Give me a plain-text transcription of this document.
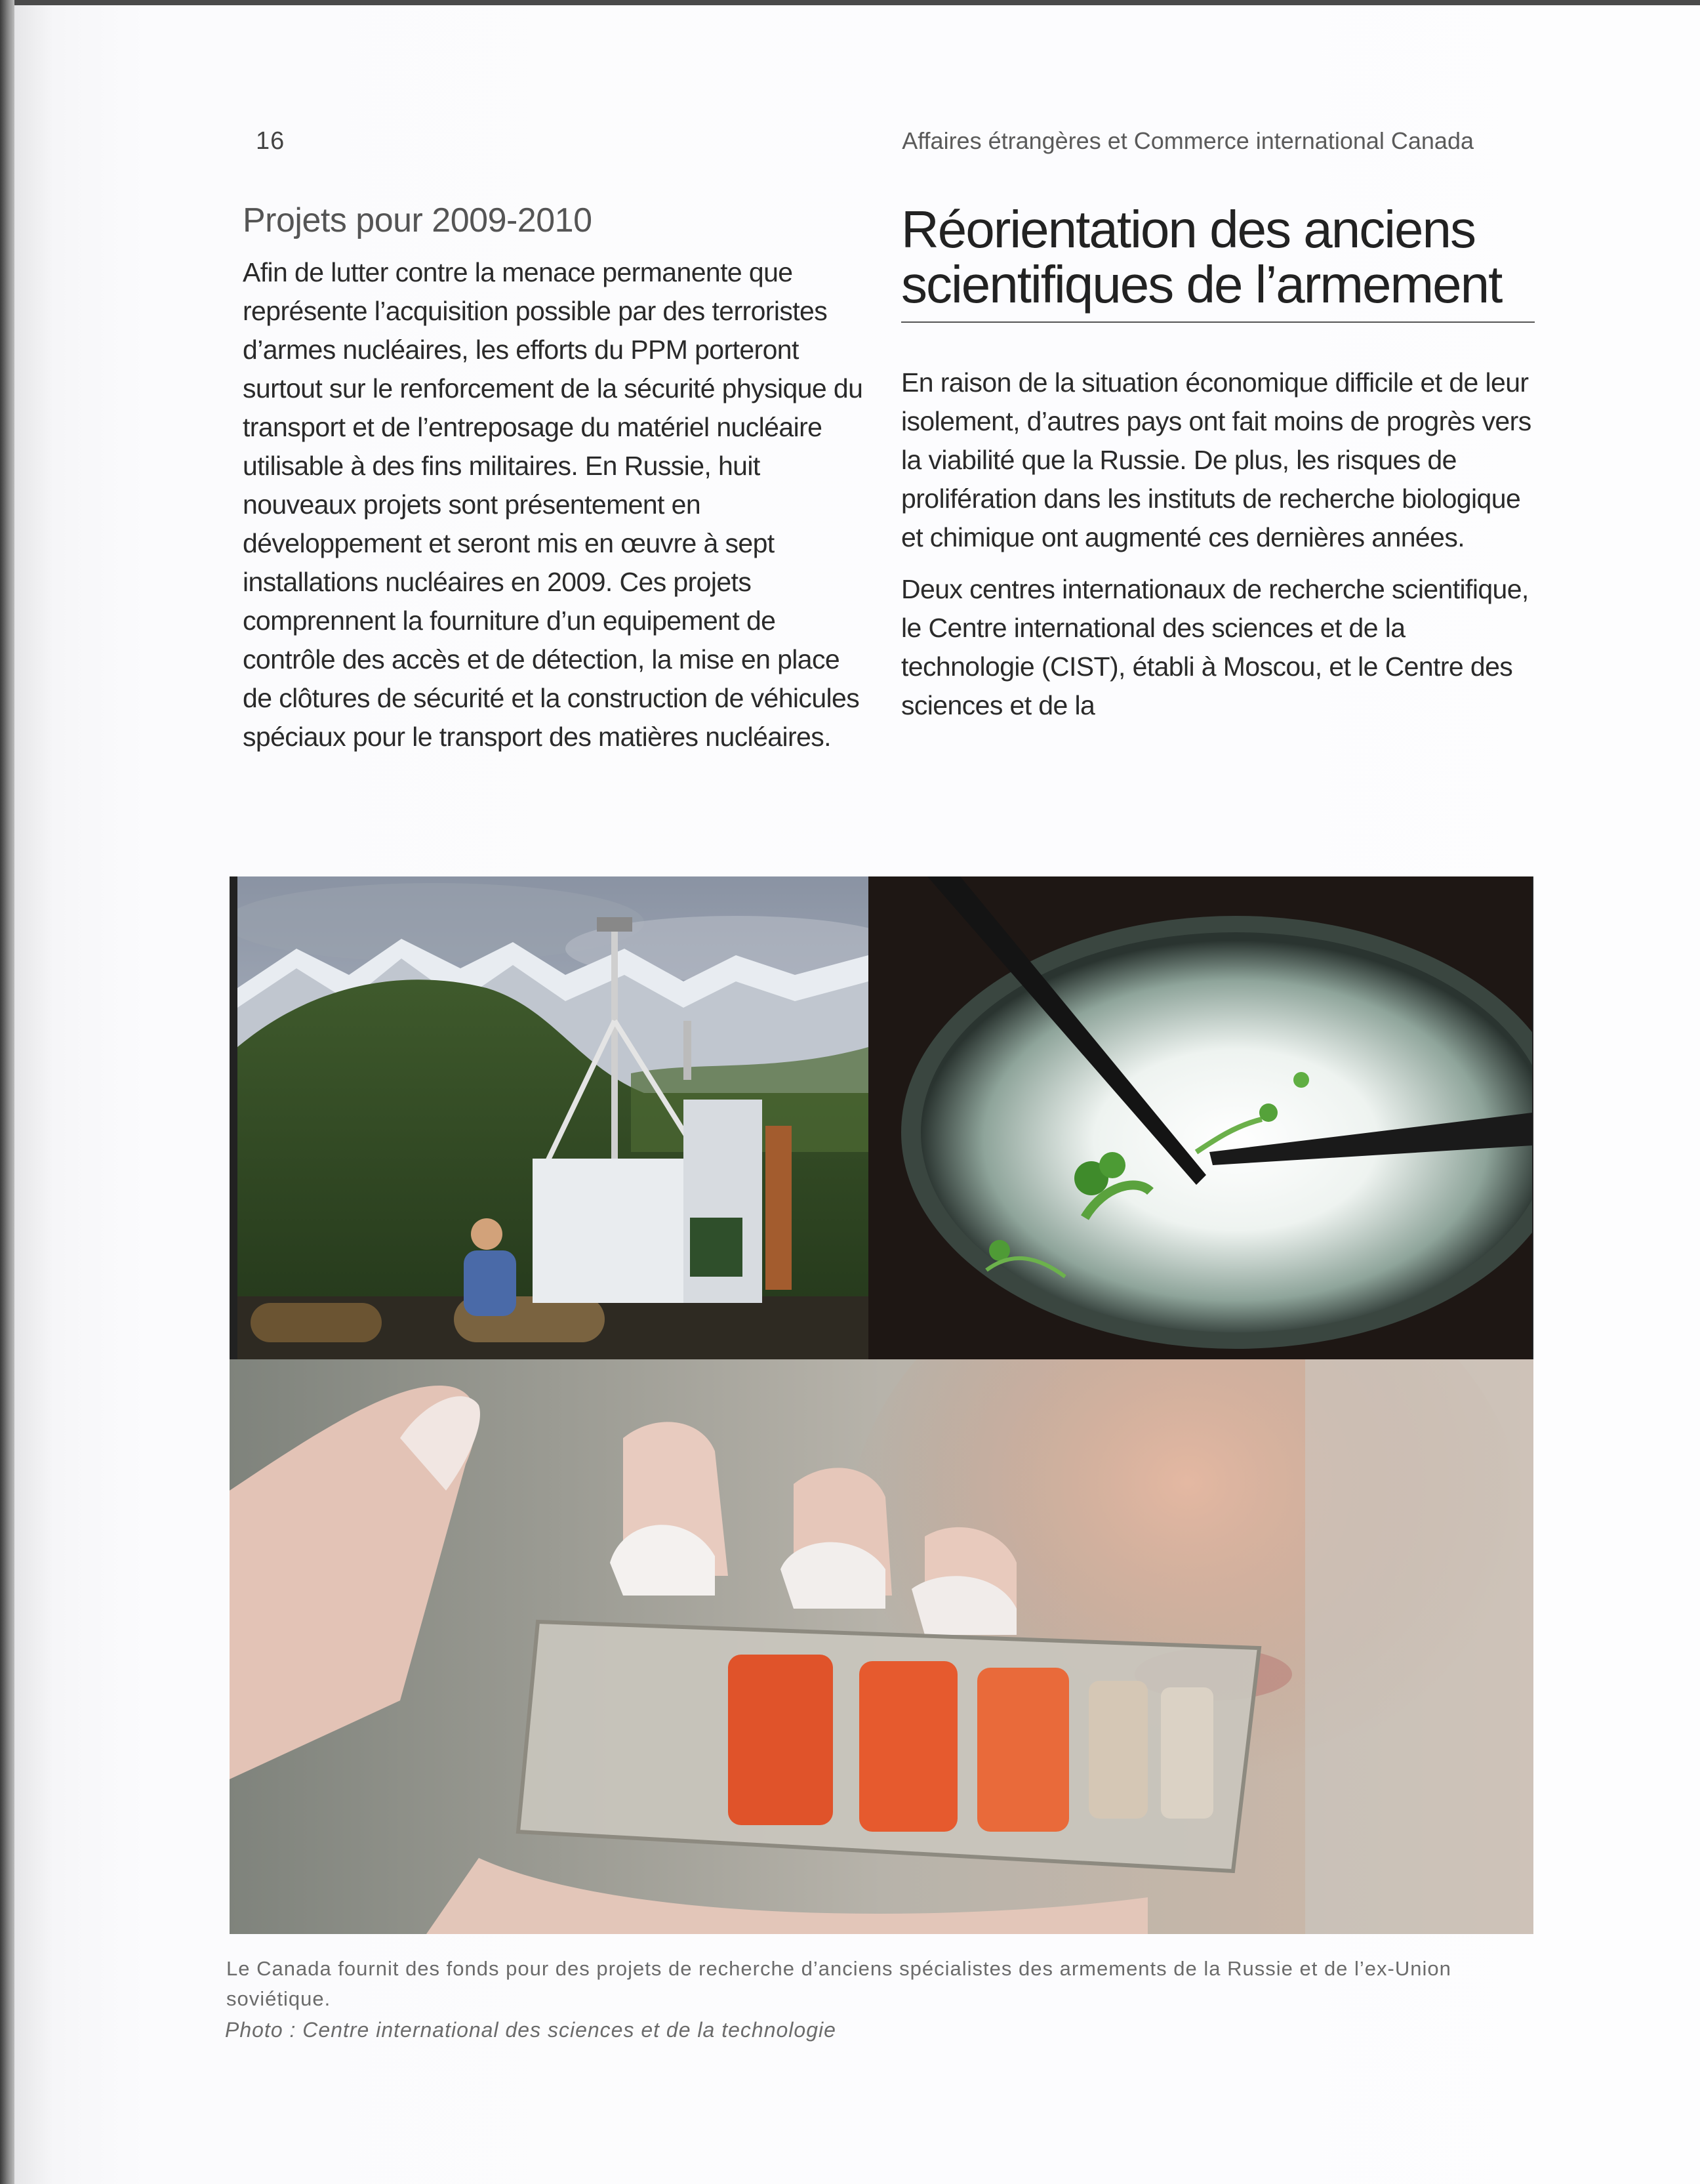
16	Affaires étrangères et Commerce international Canada
Projets pour 2009-2010

Afin de lutter contre la menace permanente que représente l’acquisition possible par des terroristes d’armes nucléaires, les efforts du PPM porteront surtout sur le renforcement de la sécurité physique du transport et de l’entreposage du matériel nucléaire utilisable à des fins militaires. En Russie, huit nouveaux projets sont présentement en développement et seront mis en œuvre à sept installations nucléaires en 2009. Ces projets comprennent la fourniture d’un equipement de contrôle des accès et de détection, la mise en place de clôtures de sécurité et la construction de véhicules spéciaux pour le transport des matières nucléaires.

Réorientation des anciens scientifiques de l’armement

En raison de la situation économique difficile et de leur isolement, d’autres pays ont fait moins de progrès vers la viabilité que la Russie. De plus, les risques de prolifération dans les instituts de recherche biologique et chimique ont augmenté ces dernières années.

Deux centres internationaux de recherche scientifique, le Centre international des sciences et de la technologie (CIST), établi à Moscou, et le Centre des sciences et de la

Le Canada fournit des fonds pour des projets de recherche d’anciens spécialistes des armements de la Russie et de l’ex-Union soviétique.

Photo : Centre international des sciences et de la technologie
